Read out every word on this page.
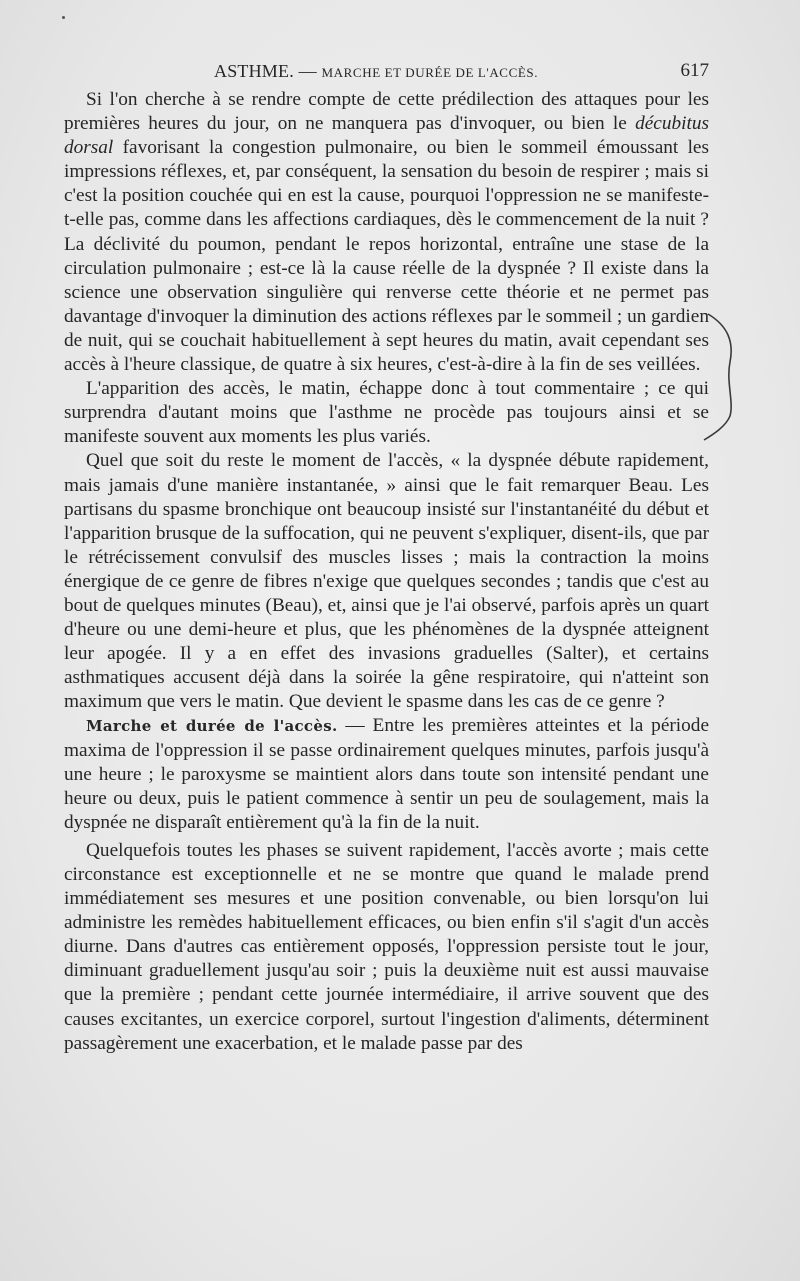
ASTHME. — MARCHE ET DURÉE DE L'ACCÈS.	617

Si l'on cherche à se rendre compte de cette prédilection des attaques pour les premières heures du jour, on ne manquera pas d'invoquer, ou bien le décubitus dorsal favorisant la congestion pulmonaire, ou bien le sommeil émoussant les impressions réflexes, et, par conséquent, la sensation du besoin de respirer ; mais si c'est la position couchée qui en est la cause, pourquoi l'oppression ne se manifeste-t-elle pas, comme dans les affections cardiaques, dès le commencement de la nuit ? La déclivité du poumon, pendant le repos horizontal, entraîne une stase de la circulation pulmonaire ; est-ce là la cause réelle de la dyspnée ? Il existe dans la science une observation singulière qui renverse cette théorie et ne permet pas davantage d'invoquer la diminution des actions réflexes par le sommeil ; un gardien de nuit, qui se couchait habituellement à sept heures du matin, avait cependant ses accès à l'heure classique, de quatre à six heures, c'est-à-dire à la fin de ses veillées.

L'apparition des accès, le matin, échappe donc à tout commentaire ; ce qui surprendra d'autant moins que l'asthme ne procède pas toujours ainsi et se manifeste souvent aux moments les plus variés.

Quel que soit du reste le moment de l'accès, « la dyspnée débute rapidement, mais jamais d'une manière instantanée, » ainsi que le fait remarquer Beau. Les partisans du spasme bronchique ont beaucoup insisté sur l'instantanéité du début et l'apparition brusque de la suffocation, qui ne peuvent s'expliquer, disent-ils, que par le rétrécissement convulsif des muscles lisses ; mais la contraction la moins énergique de ce genre de fibres n'exige que quelques secondes ; tandis que c'est au bout de quelques minutes (Beau), et, ainsi que je l'ai observé, parfois après un quart d'heure ou une demi-heure et plus, que les phénomènes de la dyspnée atteignent leur apogée. Il y a en effet des invasions graduelles (Salter), et certains asthmatiques accusent déjà dans la soirée la gêne respiratoire, qui n'atteint son maximum que vers le matin. Que devient le spasme dans les cas de ce genre ?

Marche et durée de l'accès. — Entre les premières atteintes et la période maxima de l'oppression il se passe ordinairement quelques minutes, parfois jusqu'à une heure ; le paroxysme se maintient alors dans toute son intensité pendant une heure ou deux, puis le patient commence à sentir un peu de soulagement, mais la dyspnée ne disparaît entièrement qu'à la fin de la nuit.

Quelquefois toutes les phases se suivent rapidement, l'accès avorte ; mais cette circonstance est exceptionnelle et ne se montre que quand le malade prend immédiatement ses mesures et une position convenable, ou bien lorsqu'on lui administre les remèdes habituellement efficaces, ou bien enfin s'il s'agit d'un accès diurne. Dans d'autres cas entièrement opposés, l'oppression persiste tout le jour, diminuant graduellement jusqu'au soir ; puis la deuxième nuit est aussi mauvaise que la première ; pendant cette journée intermédiaire, il arrive souvent que des causes excitantes, un exercice corporel, surtout l'ingestion d'aliments, déterminent passagèrement une exacerbation, et le malade passe par des
